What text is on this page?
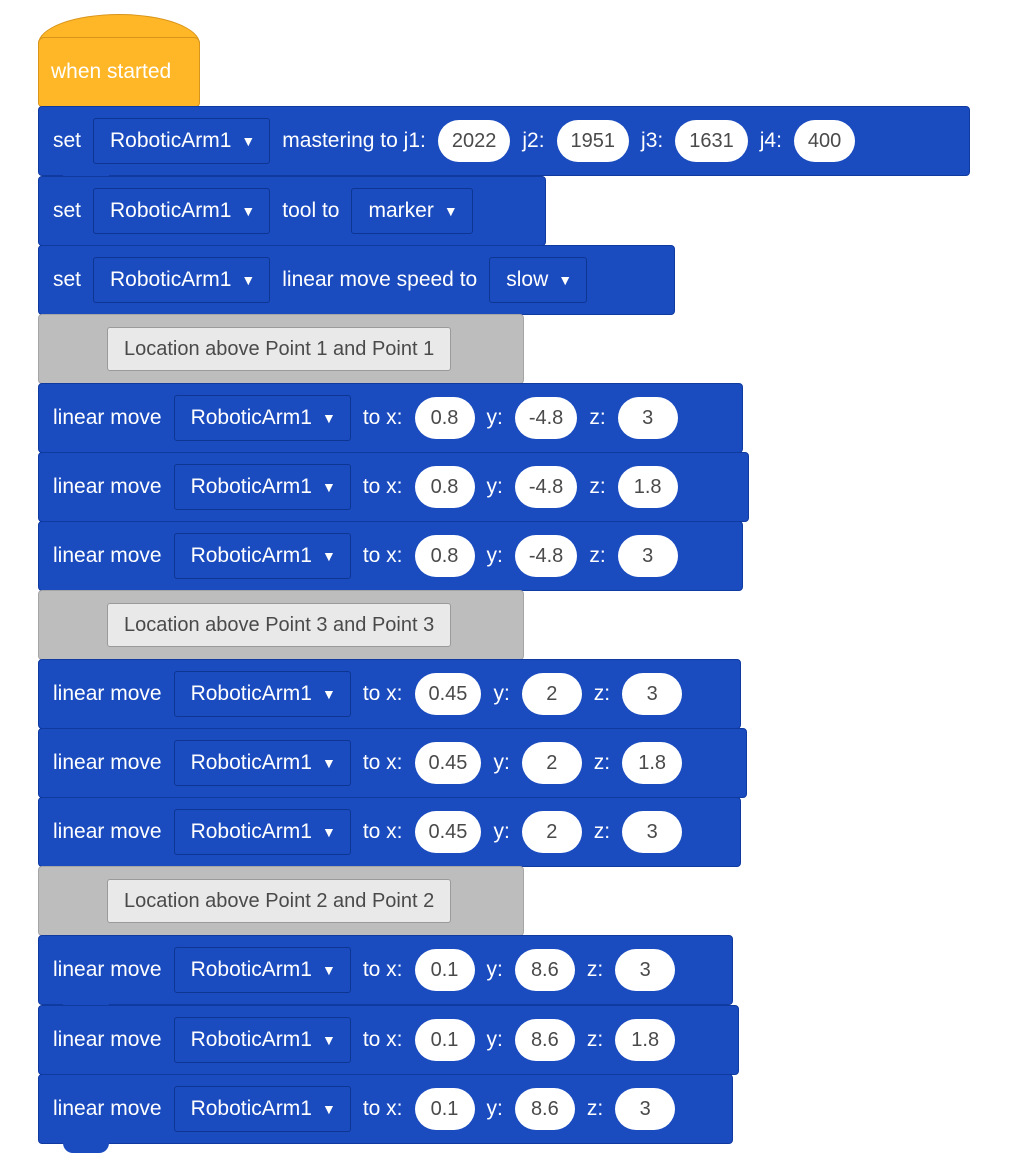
when started
set RoboticArm1 ▼ mastering to j1:	2022	j2:	1951	j3:	1631	j4:	400
set RoboticArm1 ▼ tool to marker ▼
set RoboticArm1 ▼ linear move speed to slow ▼
Location above Point 1 and Point 1
linear move RoboticArm1 ▼ to x:	0.8	y:	-4.8	z:	3
linear move RoboticArm1 ▼ to x:	0.8	y:	-4.8	z:	1.8
linear move RoboticArm1 ▼ to x:	0.8	y:	-4.8	z:	3
Location above Point 3 and Point 3
linear move RoboticArm1 ▼ to x:	0.45	y:	2	z:	3
linear move RoboticArm1 ▼ to x:	0.45	y:	2	z:	1.8
linear move RoboticArm1 ▼ to x:	0.45	y:	2	z:	3
Location above Point 2 and Point 2
linear move RoboticArm1 ▼ to x:	0.1	y:	8.6	z:	3
linear move RoboticArm1 ▼ to x:	0.1	y:	8.6	z:	1.8
linear move RoboticArm1 ▼ to x:	0.1	y:	8.6	z:	3
